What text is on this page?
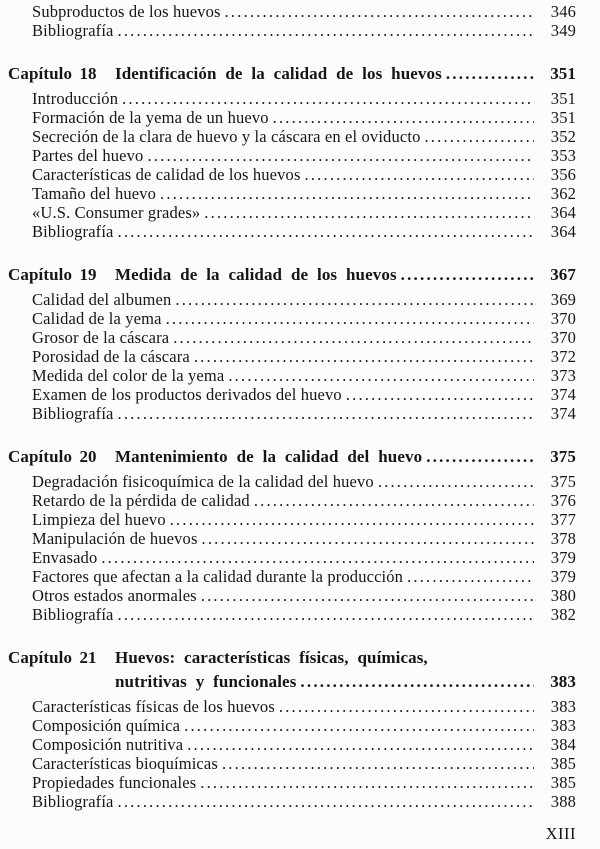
Subproductos de los huevos .....	346
Bibliografía .....	349
Capítulo 18	Identificación de la calidad de los huevos .....	351
Introducción .....	351
Formación de la yema de un huevo .....	351
Secreción de la clara de huevo y la cáscara en el oviducto .....	352
Partes del huevo .....	353
Características de calidad de los huevos .....	356
Tamaño del huevo .....	362
«U.S. Consumer grades» .....	364
Bibliografía .....	364
Capítulo 19	Medida de la calidad de los huevos .....	367
Calidad del albumen .....	369
Calidad de la yema .....	370
Grosor de la cáscara .....	370
Porosidad de la cáscara .....	372
Medida del color de la yema .....	373
Examen de los productos derivados del huevo .....	374
Bibliografía .....	374
Capítulo 20	Mantenimiento de la calidad del huevo .....	375
Degradación fisicoquímica de la calidad del huevo .....	375
Retardo de la pérdida de calidad .....	376
Limpieza del huevo .....	377
Manipulación de huevos .....	378
Envasado .....	379
Factores que afectan a la calidad durante la producción .....	379
Otros estados anormales .....	380
Bibliografía .....	382
Capítulo 21	Huevos: características físicas, químicas,
nutritivas y funcionales .....	383
Características físicas de los huevos .....	383
Composición química .....	383
Composición nutritiva .....	384
Características bioquímicas .....	385
Propiedades funcionales .....	385
Bibliografía .....	388
XIII
